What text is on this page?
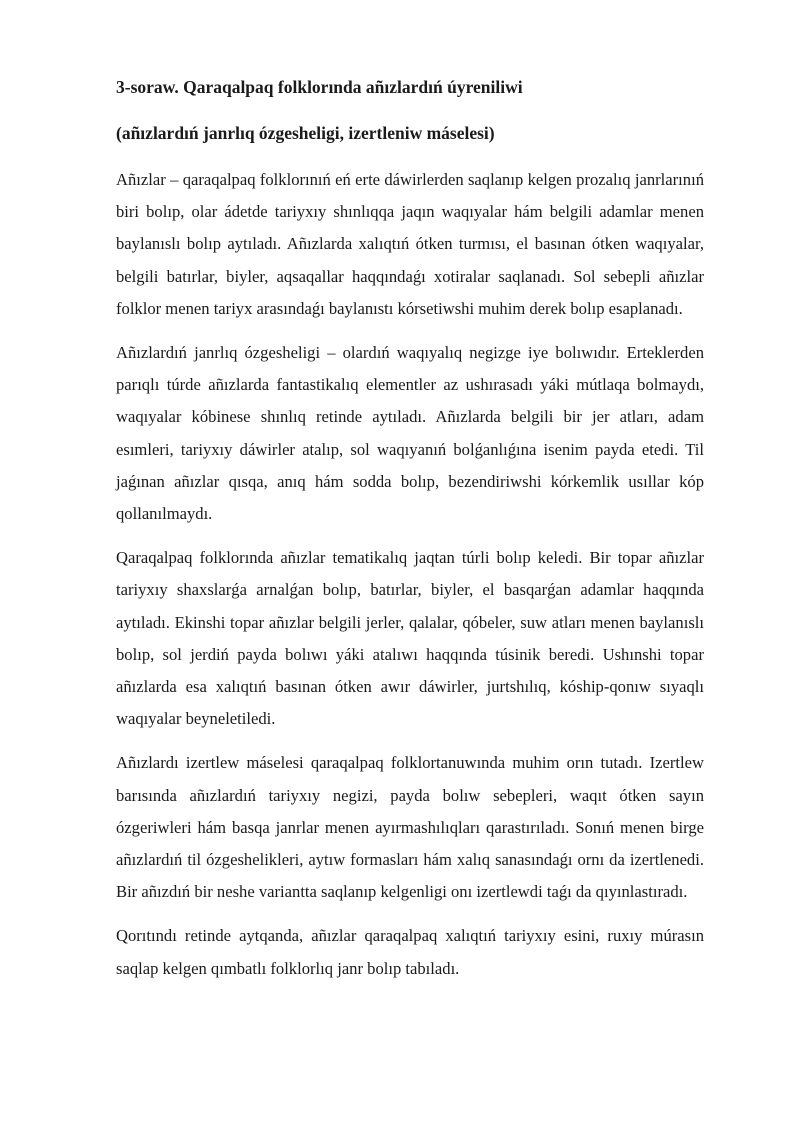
3-soraw. Qaraqalpaq folklorında añızlardıń úyreniliwi
(añızlardıń janrlıq ózgesheligi, izertleniw máselesi)

Añızlar – qaraqalpaq folklorınıń eń erte dáwirlerden saqlanıp kelgen prozalıq janrlarınıń biri bolıp, olar ádetde tariyxıy shınlıqqa jaqın waqıyalar hám belgili adamlar menen baylanıslı bolıp aytıladı. Añızlarda xalıqtıń ótken turmısı, el basınan ótken waqıyalar, belgili batırlar, biyler, aqsaqallar haqqındaǵı xotiralar saqlanadı. Sol sebepli añızlar folklor menen tariyx arasındaǵı baylanıstı kórsetiwshi muhim derek bolıp esaplanadı.

Añızlardıń janrlıq ózgesheligi – olardıń waqıyalıq negizge iye bolıwıdır. Erteklerden parıqlı túrde añızlarda fantastikalıq elementler az ushırasadı yáki mútlaqa bolmaydı, waqıyalar kóbinese shınlıq retinde aytıladı. Añızlarda belgili bir jer atları, adam esımleri, tariyxıy dáwirler atalıp, sol waqıyanıń bolǵanlıǵına isenim payda etedi. Til jaǵınan añızlar qısqa, anıq hám sodda bolıp, bezendiriwshi kórkemlik usıllar kóp qollanılmaydı.

Qaraqalpaq folklorında añızlar tematikalıq jaqtan túrli bolıp keledi. Bir topar añızlar tariyxıy shaxslarǵa arnalǵan bolıp, batırlar, biyler, el basqarǵan adamlar haqqında aytıladı. Ekinshi topar añızlar belgili jerler, qalalar, qóbeler, suw atları menen baylanıslı bolıp, sol jerdiń payda bolıwı yáki atalıwı haqqında túsinik beredi. Ushınshi topar añızlarda esa xalıqtıń basınan ótken awır dáwirler, jurtshılıq, kóship-qonıw sıyaqlı waqıyalar beyneletiledi.

Añızlardı izertlew máselesi qaraqalpaq folklortanuwında muhim orın tutadı. Izertlew barısında añızlardıń tariyxıy negizi, payda bolıw sebepleri, waqıt ótken sayın ózgeriwleri hám basqa janrlar menen ayırmashılıqları qarastırıladı. Sonıń menen birge añızlardıń til ózgeshelikleri, aytıw formasları hám xalıq sanasındaǵı ornı da izertlenedi. Bir añızdıń bir neshe variantta saqlanıp kelgenligi onı izertlewdi taǵı da qıyınlastıradı.

Qorıtındı retinde aytqanda, añızlar qaraqalpaq xalıqtıń tariyxıy esini, ruxıy múrasın saqlap kelgen qımbatlı folklorlıq janr bolıp tabıladı.
